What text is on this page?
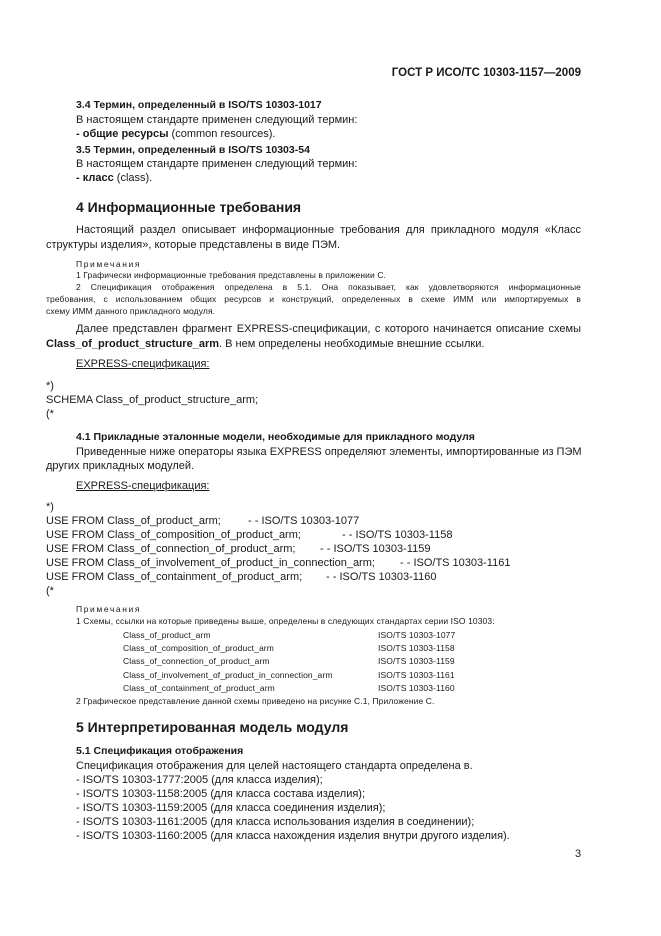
ГОСТ Р ИСО/ТС 10303-1157—2009
3.4 Термин, определенный в ISO/TS 10303-1017
В настоящем стандарте применен следующий термин:
- общие ресурсы (common resources).
3.5 Термин, определенный в ISO/TS 10303-54
В настоящем стандарте применен следующий термин:
- класс (class).
4 Информационные требования
Настоящий раздел описывает информационные требования для прикладного модуля «Класс
структуры изделия», которые представлены в виде ПЭМ.
Примечания
1 Графически информационные требования представлены в приложении С.
2 Спецификация отображения определена в 5.1. Она показывает, как удовлетворяются информационные
требования, с использованием общих ресурсов и конструкций, определенных в схеме ИММ или импортируемых в
схему ИММ данного прикладного модуля.
Далее представлен фрагмент EXPRESS-спецификации, с которого начинается описание схемы
Class_of_product_structure_arm. В нем определены необходимые внешние ссылки.
EXPRESS-спецификация:
*)
SCHEMA Class_of_product_structure_arm;
(*
4.1 Прикладные эталонные модели, необходимые для прикладного модуля
Приведенные ниже операторы языка EXPRESS определяют элементы, импортированные из ПЭМ
других прикладных модулей.
EXPRESS-спецификация:
*)
USE FROM Class_of_product_arm; - - ISO/TS 10303-1077
USE FROM Class_of_composition_of_product_arm;	- - ISO/TS 10303-1158
USE FROM Class_of_connection_of_product_arm; - - ISO/TS 10303-1159
USE FROM Class_of_involvement_of_product_in_connection_arm; - - ISO/TS 10303-1161
USE FROM Class_of_containment_of_product_arm; - - ISO/TS 10303-1160
(*
Примечания
1 Схемы, ссылки на которые приведены выше, определены в следующих стандартах серии ISO 10303:
Class_of_product_arm	ISO/TS 10303-1077
Class_of_composition_of_product_arm	ISO/TS 10303-1158
Class_of_connection_of_product_arm	ISO/TS 10303-1159
Class_of_involvement_of_product_in_connection_arm	ISO/TS 10303-1161
Class_of_containment_of_product_arm	ISO/TS 10303-1160
2 Графическое представление данной схемы приведено на рисунке С.1, Приложение С.
5 Интерпретированная модель модуля
5.1 Спецификация отображения
Спецификация отображения для целей настоящего стандарта определена в.
- ISO/TS 10303-1777:2005 (для класса изделия);
- ISO/TS 10303-1158:2005 (для класса состава изделия);
- ISO/TS 10303-1159:2005 (для класса соединения изделия);
- ISO/TS 10303-1161:2005 (для класса использования изделия в соединении);
- ISO/TS 10303-1160:2005 (для класса нахождения изделия внутри другого изделия).
3
